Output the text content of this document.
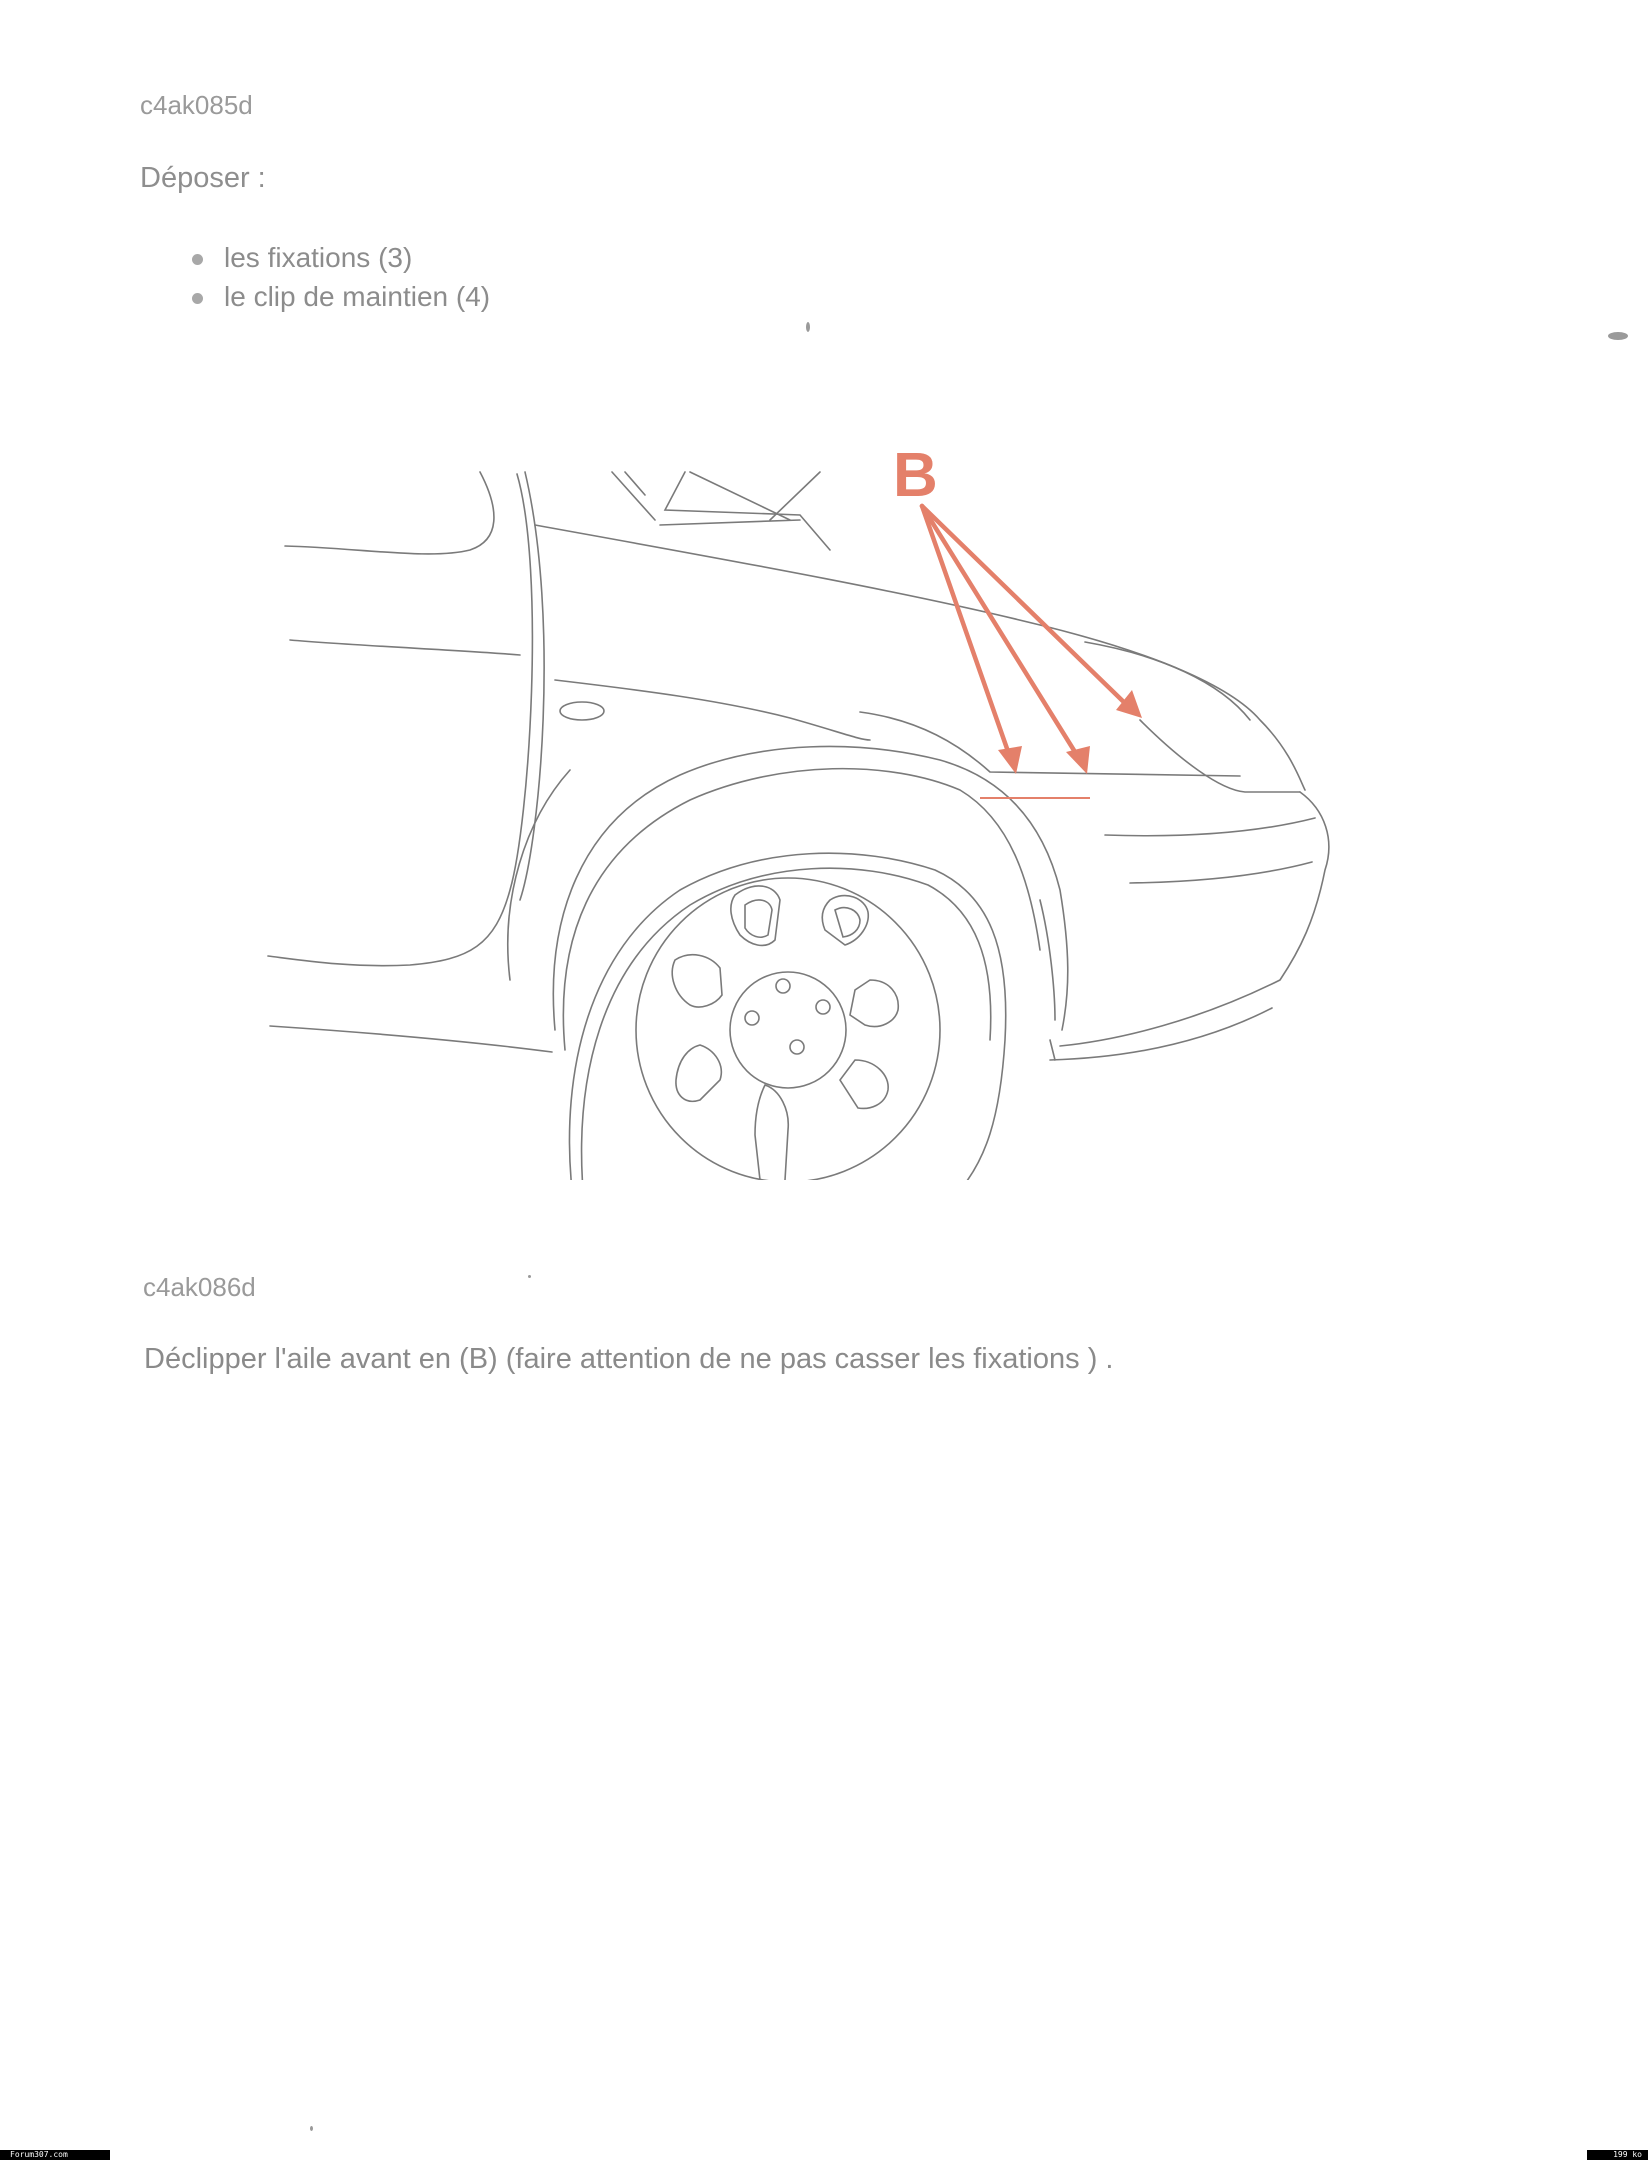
c4ak085d
Déposer :
les fixations (3)
le clip de maintien (4)
B
c4ak086d
Déclipper l'aile avant en (B) (faire attention de ne pas casser les fixations ) .
Forum307.com	199 ko
